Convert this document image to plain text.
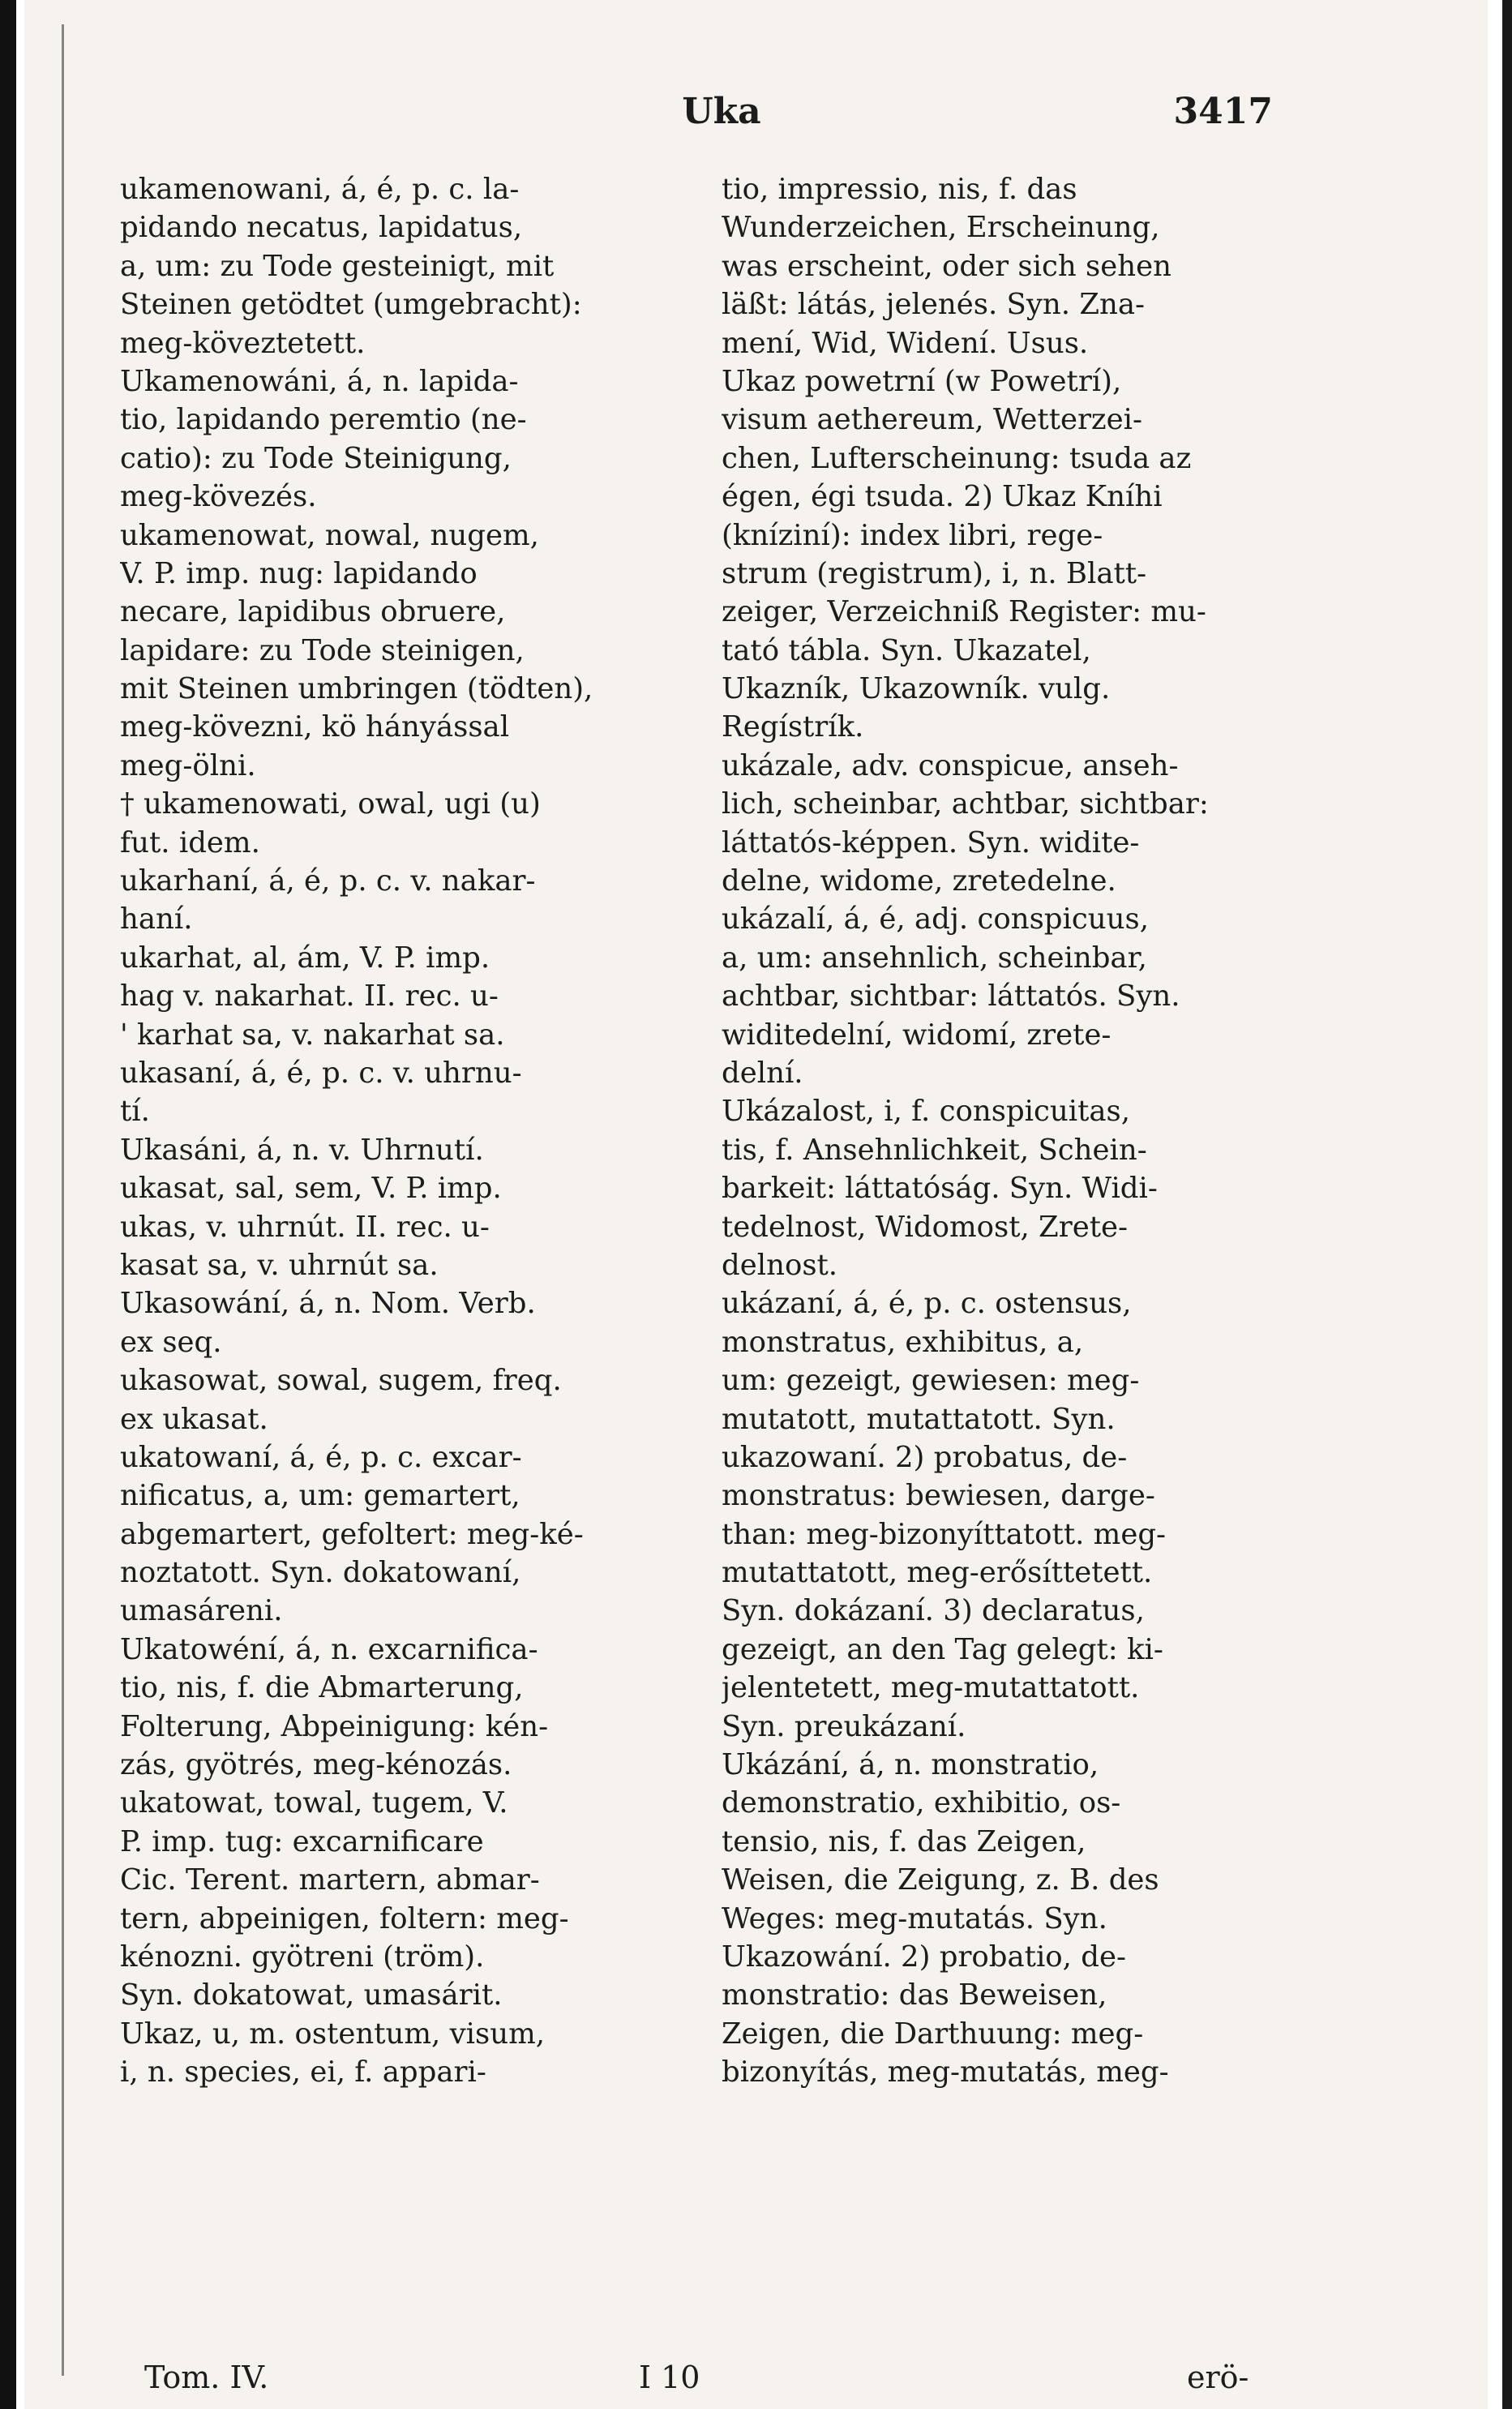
Uka	3417
ukamenowani, á, é, p. c. la-
pidando necatus, lapidatus,
a, um: zu Tode gesteinigt, mit
Steinen getödtet (umgebracht):
meg-köveztetett.
Ukamenowáni, á, n. lapida-
tio, lapidando peremtio (ne-
catio): zu Tode Steinigung,
meg-kövezés.
ukamenowat, nowal, nugem,
V. P. imp. nug: lapidando
necare, lapidibus obruere,
lapidare: zu Tode steinigen,
mit Steinen umbringen (tödten),
meg-kövezni, kö hányással
meg-ölni.
† ukamenowati, owal, ugi (u)
fut. idem.
ukarhaní, á, é, p. c. v. nakar-
haní.
ukarhat, al, ám, V. P. imp.
hag v. nakarhat. II. rec. u-
' karhat sa, v. nakarhat sa.
ukasaní, á, é, p. c. v. uhrnu-
tí.
Ukasáni, á, n. v. Uhrnutí.
ukasat, sal, sem, V. P. imp.
ukas, v. uhrnút. II. rec. u-
kasat sa, v. uhrnút sa.
Ukasowání, á, n. Nom. Verb.
ex seq.
ukasowat, sowal, sugem, freq.
ex ukasat.
ukatowaní, á, é, p. c. excar-
nificatus, a, um: gemartert,
abgemartert, gefoltert: meg-ké-
noztatott. Syn. dokatowaní,
umasáreni.
Ukatowéní, á, n. excarnifica-
tio, nis, f. die Abmarterung,
Folterung, Abpeinigung: kén-
zás, gyötrés, meg-kénozás.
ukatowat, towal, tugem, V.
P. imp. tug: excarnificare
Cic. Terent. martern, abmar-
tern, abpeinigen, foltern: meg-
kénozni. gyötreni (tröm).
Syn. dokatowat, umasárit.
Ukaz, u, m. ostentum, visum,
i, n. species, ei, f. appari-
tio, impressio, nis, f. das
Wunderzeichen, Erscheinung,
was erscheint, oder sich sehen
läßt: látás, jelenés. Syn. Zna-
mení, Wid, Widení. Usus.
Ukaz powetrní (w Powetrí),
visum aethereum, Wetterzei-
chen, Lufterscheinung: tsuda az
égen, égi tsuda. 2) Ukaz Kníhi
(kníziní): index libri, rege-
strum (registrum), i, n. Blatt-
zeiger, Verzeichniß Register: mu-
tató tábla. Syn. Ukazatel,
Ukazník, Ukazowník. vulg.
Regístrík.
ukázale, adv. conspicue, anseh-
lich, scheinbar, achtbar, sichtbar:
láttatós-képpen. Syn. widite-
delne, widome, zretedelne.
ukázalí, á, é, adj. conspicuus,
a, um: ansehnlich, scheinbar,
achtbar, sichtbar: láttatós. Syn.
widitedelní, widomí, zrete-
delní.
Ukázalost, i, f. conspicuitas,
tis, f. Ansehnlichkeit, Schein-
barkeit: láttatóság. Syn. Widi-
tedelnost, Widomost, Zrete-
delnost.
ukázaní, á, é, p. c. ostensus,
monstratus, exhibitus, a,
um: gezeigt, gewiesen: meg-
mutatott, mutattatott. Syn.
ukazowaní. 2) probatus, de-
monstratus: bewiesen, darge-
than: meg-bizonyíttatott. meg-
mutattatott, meg-erősíttetett.
Syn. dokázaní. 3) declaratus,
gezeigt, an den Tag gelegt: ki-
jelentetett, meg-mutattatott.
Syn. preukázaní.
Ukázání, á, n. monstratio,
demonstratio, exhibitio, os-
tensio, nis, f. das Zeigen,
Weisen, die Zeigung, z. B. des
Weges: meg-mutatás. Syn.
Ukazowání. 2) probatio, de-
monstratio: das Beweisen,
Zeigen, die Darthuung: meg-
bizonyítás, meg-mutatás, meg-
Tom. IV.	I 10	erö-
